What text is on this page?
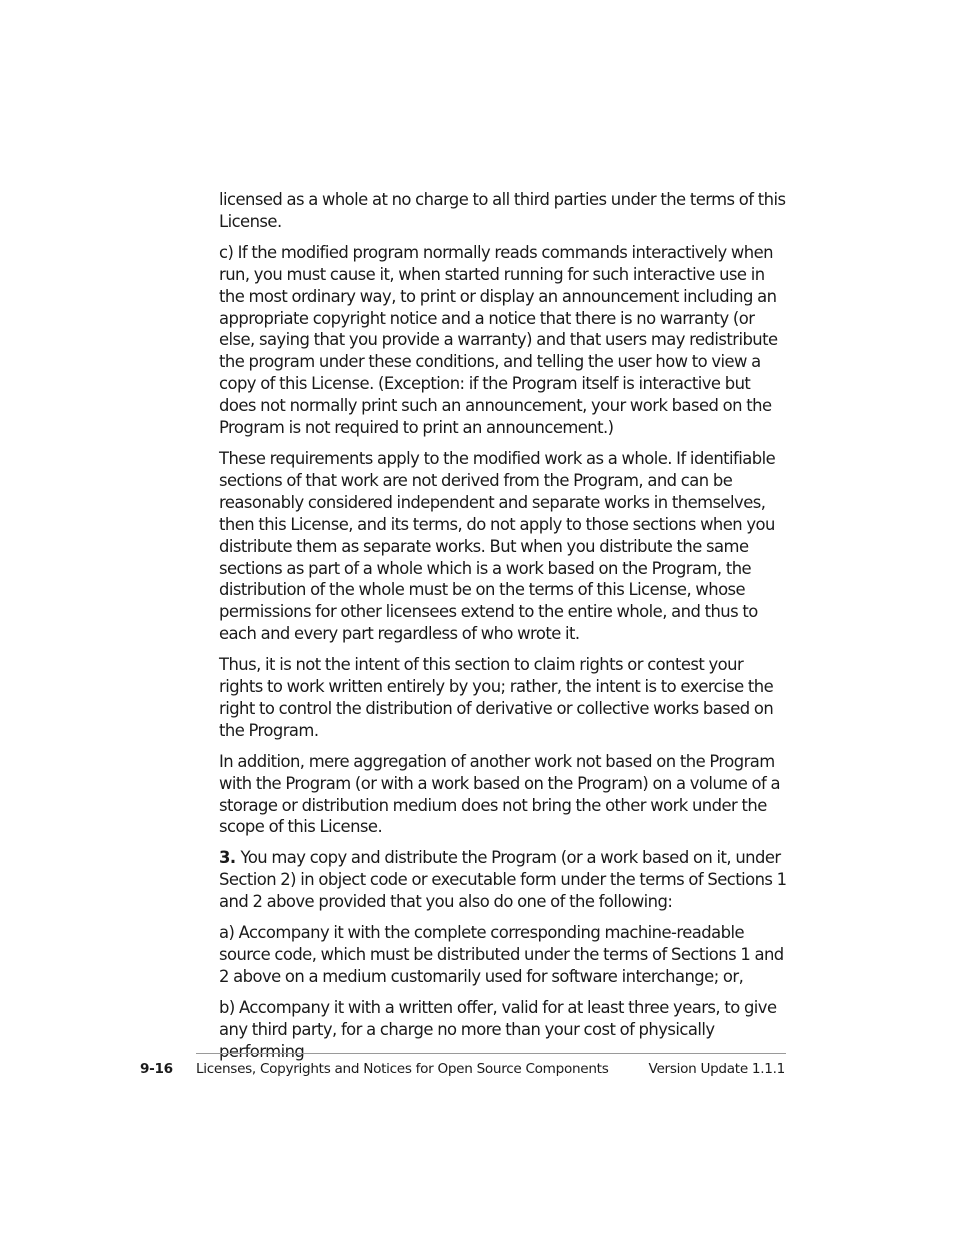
licensed as a whole at no charge to all third parties under the terms of this License.

c) If the modified program normally reads commands interactively when run, you must cause it, when started running for such interactive use in the most ordinary way, to print or display an announcement including an appropriate copyright notice and a notice that there is no warranty (or else, saying that you provide a warranty) and that users may redistribute the program under these conditions, and telling the user how to view a copy of this License. (Exception: if the Program itself is interactive but does not normally print such an announcement, your work based on the Program is not required to print an announcement.)

These requirements apply to the modified work as a whole. If identifiable sections of that work are not derived from the Program, and can be reasonably considered independent and separate works in themselves, then this License, and its terms, do not apply to those sections when you distribute them as separate works. But when you distribute the same sections as part of a whole which is a work based on the Program, the distribution of the whole must be on the terms of this License, whose permissions for other licensees extend to the entire whole, and thus to each and every part regardless of who wrote it.

Thus, it is not the intent of this section to claim rights or contest your rights to work written entirely by you; rather, the intent is to exercise the right to control the distribution of derivative or collective works based on the Program.

In addition, mere aggregation of another work not based on the Program with the Program (or with a work based on the Program) on a volume of a storage or distribution medium does not bring the other work under the scope of this License.

3. You may copy and distribute the Program (or a work based on it, under Section 2) in object code or executable form under the terms of Sections 1 and 2 above provided that you also do one of the following:

a) Accompany it with the complete corresponding machine-readable source code, which must be distributed under the terms of Sections 1 and 2 above on a medium customarily used for software interchange; or,

b) Accompany it with a written offer, valid for at least three years, to give any third party, for a charge no more than your cost of physically performing

9-16 Licenses, Copyrights and Notices for Open Source Components	Version Update 1.1.1
